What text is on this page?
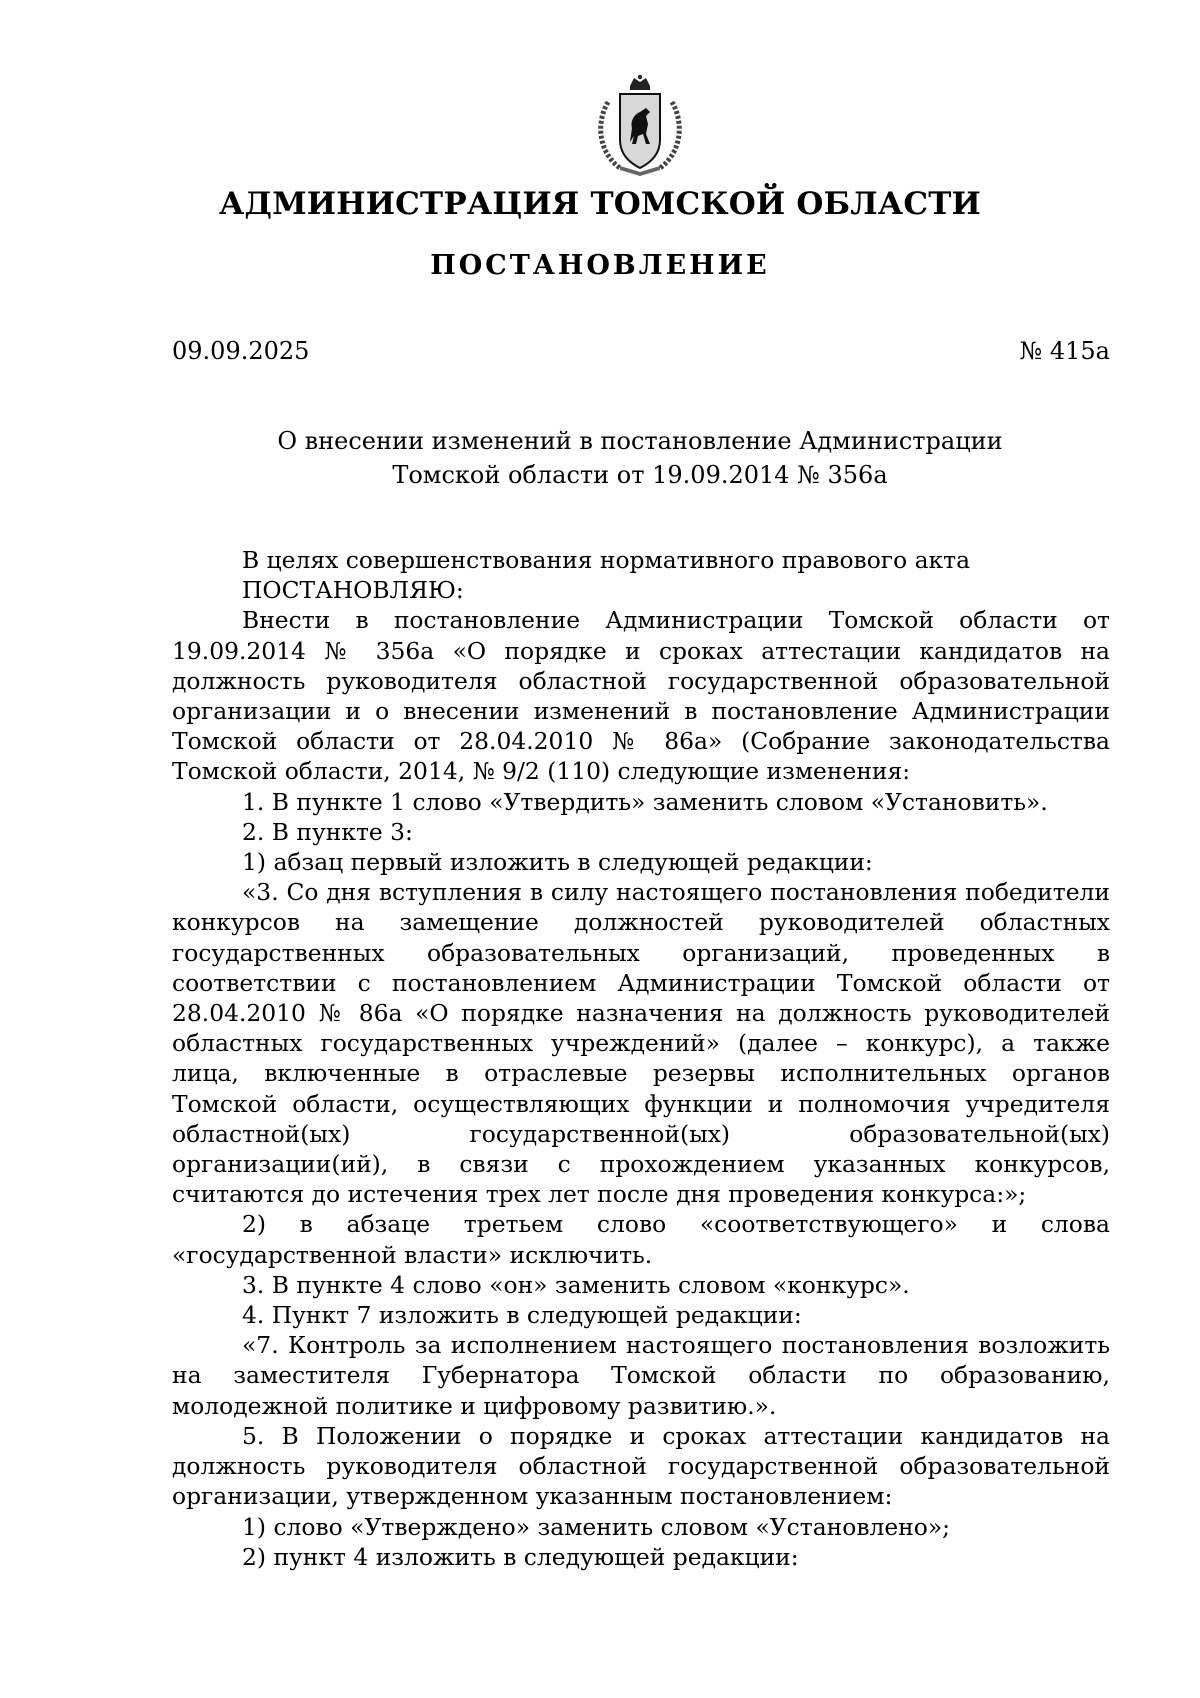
АДМИНИСТРАЦИЯ ТОМСКОЙ ОБЛАСТИ
ПОСТАНОВЛЕНИЕ
09.09.2025	№ 415а
О внесении изменений в постановление Администрации
Томской области от 19.09.2014 № 356а

В целях совершенствования нормативного правового акта

ПОСТАНОВЛЯЮ:

Внести в постановление Администрации Томской области от 19.09.2014 № 356а «О порядке и сроках аттестации кандидатов на должность руководителя областной государственной образовательной организации и о внесении изменений в постановление Администрации Томской области от 28.04.2010 № 86а» (Собрание законодательства Томской области, 2014, № 9/2 (110) следующие изменения:

1. В пункте 1 слово «Утвердить» заменить словом «Установить».

2. В пункте 3:

1) абзац первый изложить в следующей редакции:

«3. Со дня вступления в силу настоящего постановления победители конкурсов на замещение должностей руководителей областных государственных образовательных организаций, проведенных в соответствии с постановлением Администрации Томской области от 28.04.2010 № 86а «О порядке назначения на должность руководителей областных государственных учреждений» (далее – конкурс), а также лица, включенные в отраслевые резервы исполнительных органов Томской области, осуществляющих функции и полномочия учредителя областной(ых) государственной(ых) образовательной(ых) организации(ий), в связи с прохождением указанных конкурсов, считаются до истечения трех лет после дня проведения конкурса:»;

2) в абзаце третьем слово «соответствующего» и слова «государственной власти» исключить.

3. В пункте 4 слово «он» заменить словом «конкурс».

4. Пункт 7 изложить в следующей редакции:

«7. Контроль за исполнением настоящего постановления возложить на заместителя Губернатора Томской области по образованию, молодежной политике и цифровому развитию.».

5. В Положении о порядке и сроках аттестации кандидатов на должность руководителя областной государственной образовательной организации, утвержденном указанным постановлением:

1) слово «Утверждено» заменить словом «Установлено»;

2) пункт 4 изложить в следующей редакции:
